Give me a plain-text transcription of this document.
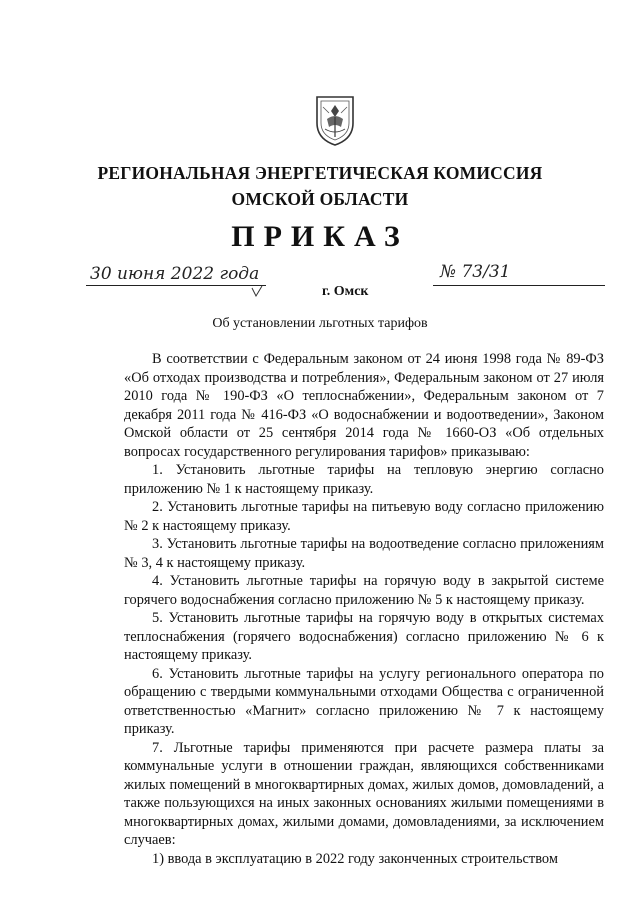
РЕГИОНАЛЬНАЯ ЭНЕРГЕТИЧЕСКАЯ КОМИССИЯ
ОМСКОЙ ОБЛАСТИ
ПРИКАЗ
30 июня 2022 года	№ 73/31
г. Омск
Об установлении льготных тарифов

В соответствии с Федеральным законом от 24 июня 1998 года № 89-ФЗ «Об отходах производства и потребления», Федеральным законом от 27 июля 2010 года № 190-ФЗ «О теплоснабжении», Федеральным законом от 7 декабря 2011 года № 416-ФЗ «О водоснабжении и водоотведении», Законом Омской области от 25 сентября 2014 года № 1660-ОЗ «Об отдельных вопросах государственного регулирования тарифов» приказываю:

1. Установить льготные тарифы на тепловую энергию согласно приложению № 1 к настоящему приказу.

2. Установить льготные тарифы на питьевую воду согласно приложению № 2 к настоящему приказу.

3. Установить льготные тарифы на водоотведение согласно приложениям № 3, 4 к настоящему приказу.

4. Установить льготные тарифы на горячую воду в закрытой системе горячего водоснабжения согласно приложению № 5 к настоящему приказу.

5. Установить льготные тарифы на горячую воду в открытых системах теплоснабжения (горячего водоснабжения) согласно приложению № 6 к настоящему приказу.

6. Установить льготные тарифы на услугу регионального оператора по обращению с твердыми коммунальными отходами Общества с ограниченной ответственностью «Магнит» согласно приложению № 7 к настоящему приказу.

7. Льготные тарифы применяются при расчете размера платы за коммунальные услуги в отношении граждан, являющихся собственниками жилых помещений в многоквартирных домах, жилых домов, домовладений, а также пользующихся на иных законных основаниях жилыми помещениями в многоквартирных домах, жилыми домами, домовладениями, за исключением случаев:

1) ввода в эксплуатацию в 2022 году законченных строительством
